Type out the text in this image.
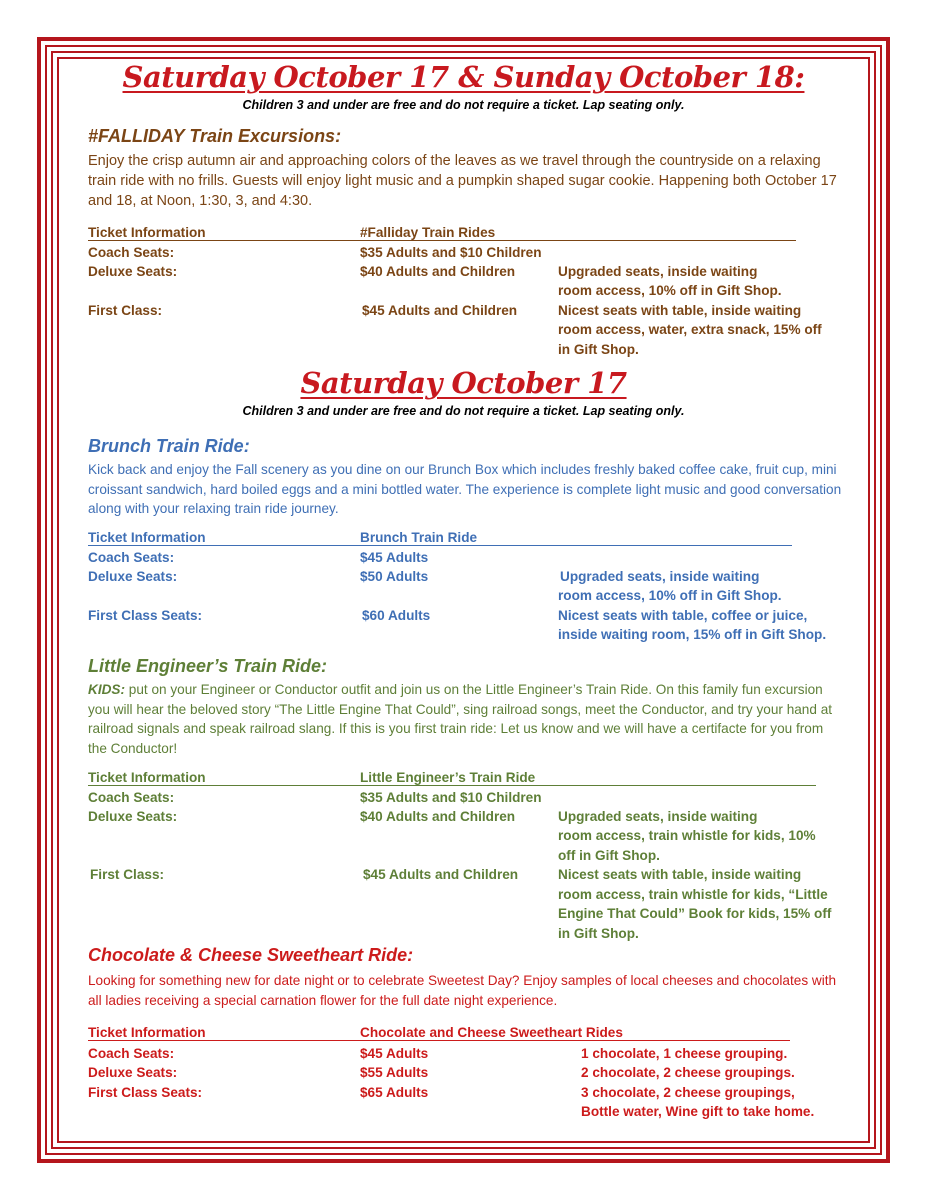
Saturday October 17 & Sunday October 18:
Children 3 and under are free and do not require a ticket. Lap seating only.
#FALLIDAY Train Excursions:
Enjoy the crisp autumn air and approaching colors of the leaves as we travel through the countryside on a relaxing train ride with no frills. Guests will enjoy light music and a pumpkin shaped sugar cookie. Happening both October 17 and 18, at Noon, 1:30, 3, and 4:30.
Ticket Information	#Falliday Train Rides
Coach Seats:	$35 Adults and $10 Children
Deluxe Seats:	$40 Adults and Children	Upgraded seats, inside waiting
room access, 10% off in Gift Shop.
First Class:	$45 Adults and Children	Nicest seats with table, inside waiting
room access, water, extra snack, 15% off
in Gift Shop.
Saturday October 17
Children 3 and under are free and do not require a ticket. Lap seating only.
Brunch Train Ride:
Kick back and enjoy the Fall scenery as you dine on our Brunch Box which includes freshly baked coffee cake, fruit cup, mini croissant sandwich, hard boiled eggs and a mini bottled water. The experience is complete light music and good conversation along with your relaxing train ride journey.
Ticket Information	Brunch Train Ride
Coach Seats:	$45 Adults
Deluxe Seats:	$50 Adults	Upgraded seats, inside waiting
room access, 10% off in Gift Shop.
First Class Seats:	$60 Adults	Nicest seats with table, coffee or juice,
inside waiting room, 15% off in Gift Shop.
Little Engineer’s Train Ride:
KIDS: put on your Engineer or Conductor outfit and join us on the Little Engineer’s Train Ride. On this family fun excursion you will hear the beloved story “The Little Engine That Could”, sing railroad songs, meet the Conductor, and try your hand at railroad signals and speak railroad slang. If this is you first train ride: Let us know and we will have a certifacte for you from the Conductor!
Ticket Information	Little Engineer’s Train Ride
Coach Seats:	$35 Adults and $10 Children
Deluxe Seats:	$40 Adults and Children	Upgraded seats, inside waiting
room access, train whistle for kids, 10%
off in Gift Shop.
First Class:	$45 Adults and Children	Nicest seats with table, inside waiting
room access, train whistle for kids, “Little
Engine That Could” Book for kids, 15% off
in Gift Shop.
Chocolate & Cheese Sweetheart Ride:
Looking for something new for date night or to celebrate Sweetest Day? Enjoy samples of local cheeses and chocolates with all ladies receiving a special carnation flower for the full date night experience.
Ticket Information	Chocolate and Cheese Sweetheart Rides
Coach Seats:	$45 Adults	1 chocolate, 1 cheese grouping.
Deluxe Seats:	$55 Adults	2 chocolate, 2 cheese groupings.
First Class Seats:	$65 Adults	3 chocolate, 2 cheese groupings,
Bottle water, Wine gift to take home.
